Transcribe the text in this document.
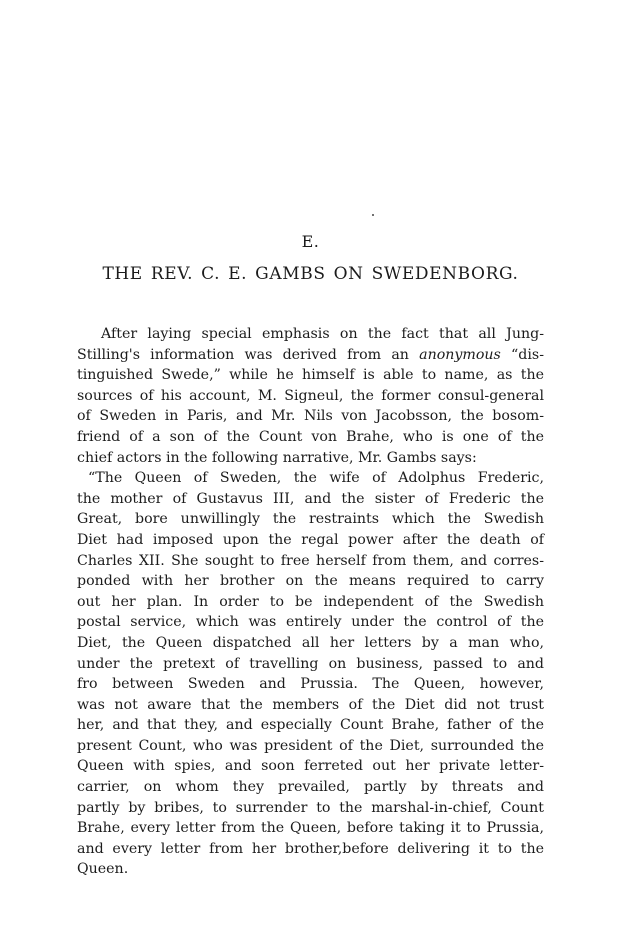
E.
THE REV. C. E. GAMBS ON SWEDENBORG.
After laying special emphasis on the fact that all Jung-
Stilling's information was derived from an anonymous “dis-
tinguished Swede,” while he himself is able to name, as the
sources of his account, M. Signeul, the former consul-general
of Sweden in Paris, and Mr. Nils von Jacobsson, the bosom-
friend of a son of the Count von Brahe, who is one of the
chief actors in the following narrative, Mr. Gambs says:
“The Queen of Sweden, the wife of Adolphus Frederic,
the mother of Gustavus III, and the sister of Frederic the
Great, bore unwillingly the restraints which the Swedish
Diet had imposed upon the regal power after the death of
Charles XII. She sought to free herself from them, and corres-
ponded with her brother on the means required to carry
out her plan. In order to be independent of the Swedish
postal service, which was entirely under the control of the
Diet, the Queen dispatched all her letters by a man who,
under the pretext of travelling on business, passed to and
fro between Sweden and Prussia. The Queen, however,
was not aware that the members of the Diet did not trust
her, and that they, and especially Count Brahe, father of the
present Count, who was president of the Diet, surrounded the
Queen with spies, and soon ferreted out her private letter-
carrier, on whom they prevailed, partly by threats and
partly by bribes, to surrender to the marshal-in-chief, Count
Brahe, every letter from the Queen, before taking it to Prussia,
and every letter from her brother,before delivering it to the
Queen.
